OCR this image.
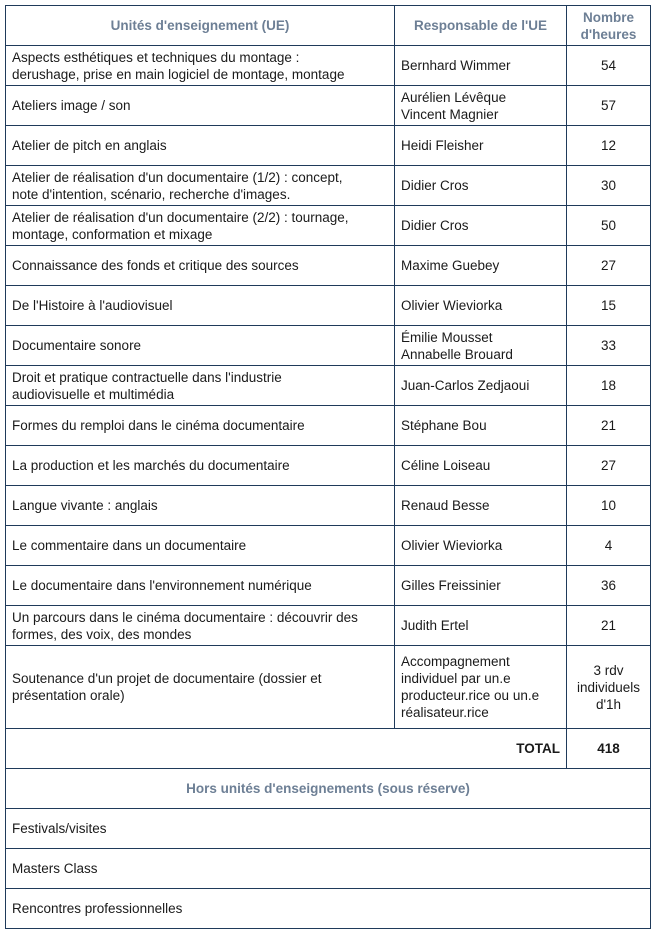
Unités d'enseignement (UE)	Responsable de l'UE	Nombre
d'heures

Aspects esthétiques et techniques du montage :
derushage, prise en main logiciel de montage, montage	Bernhard Wimmer	54

Ateliers image / son	Aurélien Lévêque
Vincent Magnier	57

Atelier de pitch en anglais	Heidi Fleisher	12

Atelier de réalisation d'un documentaire (1/2) : concept,
note d'intention, scénario, recherche d'images.	Didier Cros	30

Atelier de réalisation d'un documentaire (2/2) : tournage,
montage, conformation et mixage	Didier Cros	50

Connaissance des fonds et critique des sources	Maxime Guebey	27

De l'Histoire à l'audiovisuel	Olivier Wieviorka	15

Documentaire sonore	Émilie Mousset
Annabelle Brouard	33

Droit et pratique contractuelle dans l'industrie
audiovisuelle et multimédia	Juan-Carlos Zedjaoui	18

Formes du remploi dans le cinéma documentaire	Stéphane Bou	21

La production et les marchés du documentaire	Céline Loiseau	27

Langue vivante : anglais	Renaud Besse	10

Le commentaire dans un documentaire	Olivier Wieviorka	4

Le documentaire dans l'environnement numérique	Gilles Freissinier	36

Un parcours dans le cinéma documentaire : découvrir des
formes, des voix, des mondes	Judith Ertel	21

Soutenance d'un projet de documentaire (dossier et
présentation orale)	Accompagnement
individuel par un.e
producteur.rice ou un.e
réalisateur.rice	3 rdv
individuels
d'1h

TOTAL		418
Hors unités d'enseignements (sous réserve)		
Festivals/visites		
Masters Class		
Rencontres professionnelles		
